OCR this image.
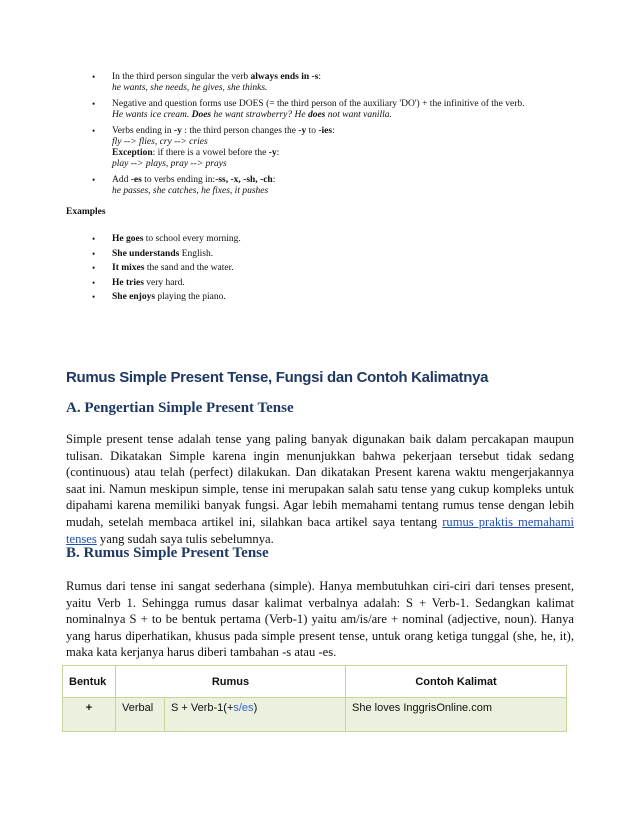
• In the third person singular the verb always ends in -s:
he wants, she needs, he gives, she thinks.
• Negative and question forms use DOES (= the third person of the auxiliary 'DO') + the infinitive of the verb.
He wants ice cream. Does he want strawberry? He does not want vanilla.
• Verbs ending in -y : the third person changes the -y to -ies:
fly --> flies, cry --> cries
Exception: if there is a vowel before the -y:
play --> plays, pray --> prays
• Add -es to verbs ending in:-ss, -x, -sh, -ch:
he passes, she catches, he fixes, it pushes

Examples

• He goes to school every morning.
• She understands English.
• It mixes the sand and the water.
• He tries very hard.
• She enjoys playing the piano.
Rumus Simple Present Tense, Fungsi dan Contoh Kalimatnya
A. Pengertian Simple Present Tense

Simple present tense adalah tense yang paling banyak digunakan baik dalam percakapan maupun tulisan. Dikatakan Simple karena ingin menunjukkan bahwa pekerjaan tersebut tidak sedang (continuous) atau telah (perfect) dilakukan. Dan dikatakan Present karena waktu mengerjakannya saat ini. Namun meskipun simple, tense ini merupakan salah satu tense yang cukup kompleks untuk dipahami karena memiliki banyak fungsi. Agar lebih memahami tentang rumus tense dengan lebih mudah, setelah membaca artikel ini, silahkan baca artikel saya tentang rumus praktis memahami tenses yang sudah saya tulis sebelumnya.

B. Rumus Simple Present Tense

Rumus dari tense ini sangat sederhana (simple). Hanya membutuhkan ciri-ciri dari tenses present, yaitu Verb 1. Sehingga rumus dasar kalimat verbalnya adalah: S + Verb-1. Sedangkan kalimat nominalnya S + to be bentuk pertama (Verb-1) yaitu am/is/are + nominal (adjective, noun). Hanya yang harus diperhatikan, khusus pada simple present tense, untuk orang ketiga tunggal (she, he, it), maka kata kerjanya harus diberi tambahan -s atau -es.

Bentuk	Rumus		Contoh Kalimat
+	Verbal	S + Verb-1(+s/es)	She loves InggrisOnline.com
